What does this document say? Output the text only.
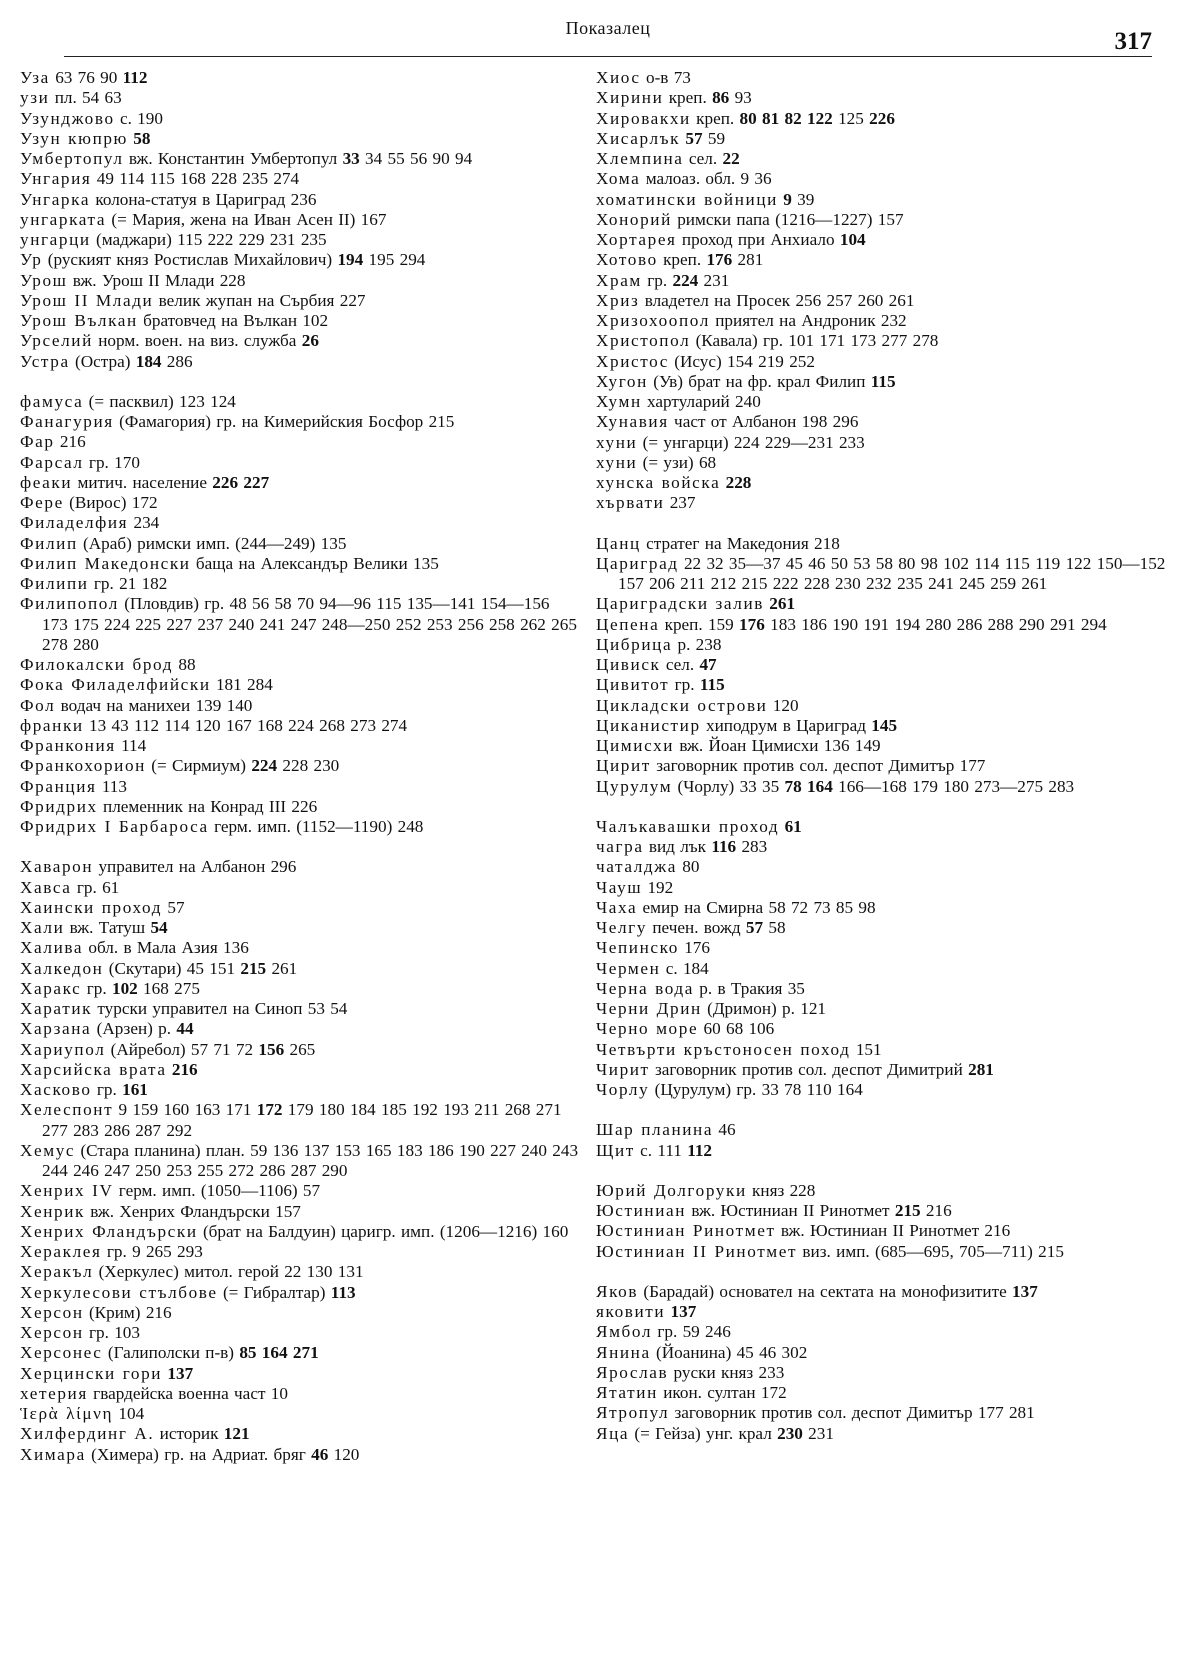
Показалец	317

Уза 63 76 90 112

узи пл. 54 63

Узунджово с. 190

Узун кюпрю 58

Умбертопул вж. Константин Умбертопул 33 34 55 56 90 94

Унгария 49 114 115 168 228 235 274

Унгарка колона-статуя в Цариград 236

унгарката (= Мария, жена на Иван Асен II) 167

унгарци (маджари) 115 222 229 231 235

Ур (руският княз Ростислав Михайлович) 194 195 294

Урош вж. Урош II Млади 228

Урош II Млади велик жупан на Сърбия 227

Урош Вълкан братовчед на Вълкан 102

Урселий норм. воен. на виз. служба 26

Устра (Остра) 184 286

фамуса (= пасквил) 123 124

Фанагурия (Фамагория) гр. на Кимерийския Босфор 215

Фар 216

Фарсал гр. 170

феаки митич. население 226 227

Фере (Вирос) 172

Филаделфия 234

Филип (Араб) римски имп. (244—249) 135

Филип Македонски баща на Александър Велики 135

Филипи гр. 21 182

Филипопол (Пловдив) гр. 48 56 58 70 94—96 115 135—141 154—156 173 175 224 225 227 237 240 241 247 248—250 252 253 256 258 262 265 278 280

Филокалски брод 88

Фока Филаделфийски 181 284

Фол водач на манихеи 139 140

франки 13 43 112 114 120 167 168 224 268 273 274

Франкония 114

Франкохорион (= Сирмиум) 224 228 230

Франция 113

Фридрих племенник на Конрад III 226

Фридрих I Барбароса герм. имп. (1152—1190) 248

Хаварон управител на Албанон 296

Хавса гр. 61

Хаински проход 57

Хали вж. Татуш 54

Халива обл. в Мала Азия 136

Халкедон (Скутари) 45 151 215 261

Харакс гр. 102 168 275

Харатик турски управител на Синоп 53 54

Харзана (Арзен) р. 44

Хариупол (Айребол) 57 71 72 156 265

Харсийска врата 216

Хасково гр. 161

Хелеспонт 9 159 160 163 171 172 179 180 184 185 192 193 211 268 271 277 283 286 287 292

Хемус (Стара планина) план. 59 136 137 153 165 183 186 190 227 240 243 244 246 247 250 253 255 272 286 287 290

Хенрих IV герм. имп. (1050—1106) 57

Хенрик вж. Хенрих Фландърски 157

Хенрих Фландърски (брат на Балдуин) царигр. имп. (1206—1216) 160

Хераклея гр. 9 265 293

Херакъл (Херкулес) митол. герой 22 130 131

Херкулесови стълбове (= Гибралтар) 113

Херсон (Крим) 216

Херсон гр. 103

Херсонес (Галиполски п-в) 85 164 271

Херцински гори 137

хетерия гвардейска военна част 10

Ἱερὰ λίμνη 104

Хилфердинг А. историк 121

Химара (Химера) гр. на Адриат. бряг 46 120

Хиос о-в 73

Хирини креп. 86 93

Хировакхи креп. 80 81 82 122 125 226

Хисарлък 57 59

Хлемпина сел. 22

Хома малоаз. обл. 9 36

хоматински войници 9 39

Хонорий римски папа (1216—1227) 157

Хортарея проход при Анхиало 104

Хотово креп. 176 281

Храм гр. 224 231

Хриз владетел на Просек 256 257 260 261

Хризохоопол приятел на Андроник 232

Христопол (Кавала) гр. 101 171 173 277 278

Христос (Исус) 154 219 252

Хугон (Ув) брат на фр. крал Филип 115

Хумн хартуларий 240

Хунавия част от Албанон 198 296

хуни (= унгарци) 224 229—231 233

хуни (= узи) 68

хунска войска 228

хървати 237

Цанц стратег на Македония 218

Цариград 22 32 35—37 45 46 50 53 58 80 98 102 114 115 119 122 150—152 157 206 211 212 215 222 228 230 232 235 241 245 259 261

Цариградски залив 261

Цепена креп. 159 176 183 186 190 191 194 280 286 288 290 291 294

Цибрица р. 238

Цивиск сел. 47

Цивитот гр. 115

Цикладски острови 120

Циканистир хиподрум в Цариград 145

Цимисхи вж. Йоан Цимисхи 136 149

Цирит заговорник против сол. деспот Димитър 177

Цурулум (Чорлу) 33 35 78 164 166—168 179 180 273—275 283

Чалъкавашки проход 61

чагра вид лък 116 283

чаталджа 80

Чауш 192

Чаха емир на Смирна 58 72 73 85 98

Челгу печен. вожд 57 58

Чепинско 176

Чермен с. 184

Черна вода р. в Тракия 35

Черни Дрин (Дримон) р. 121

Черно море 60 68 106

Четвърти кръстоносен поход 151

Чирит заговорник против сол. деспот Димитрий 281

Чорлу (Цурулум) гр. 33 78 110 164

Шар планина 46

Щит с. 111 112

Юрий Долгоруки княз 228

Юстиниан вж. Юстиниан II Ринотмет 215 216

Юстиниан Ринотмет вж. Юстиниан II Ринотмет 216

Юстиниан II Ринотмет виз. имп. (685—695, 705—711) 215

Яков (Барадай) основател на сектата на монофизитите 137

яковити 137

Ямбол гр. 59 246

Янина (Йоанина) 45 46 302

Ярослав руски княз 233

Ятатин икон. султан 172

Ятропул заговорник против сол. деспот Димитър 177 281

Яца (= Гейза) унг. крал 230 231
